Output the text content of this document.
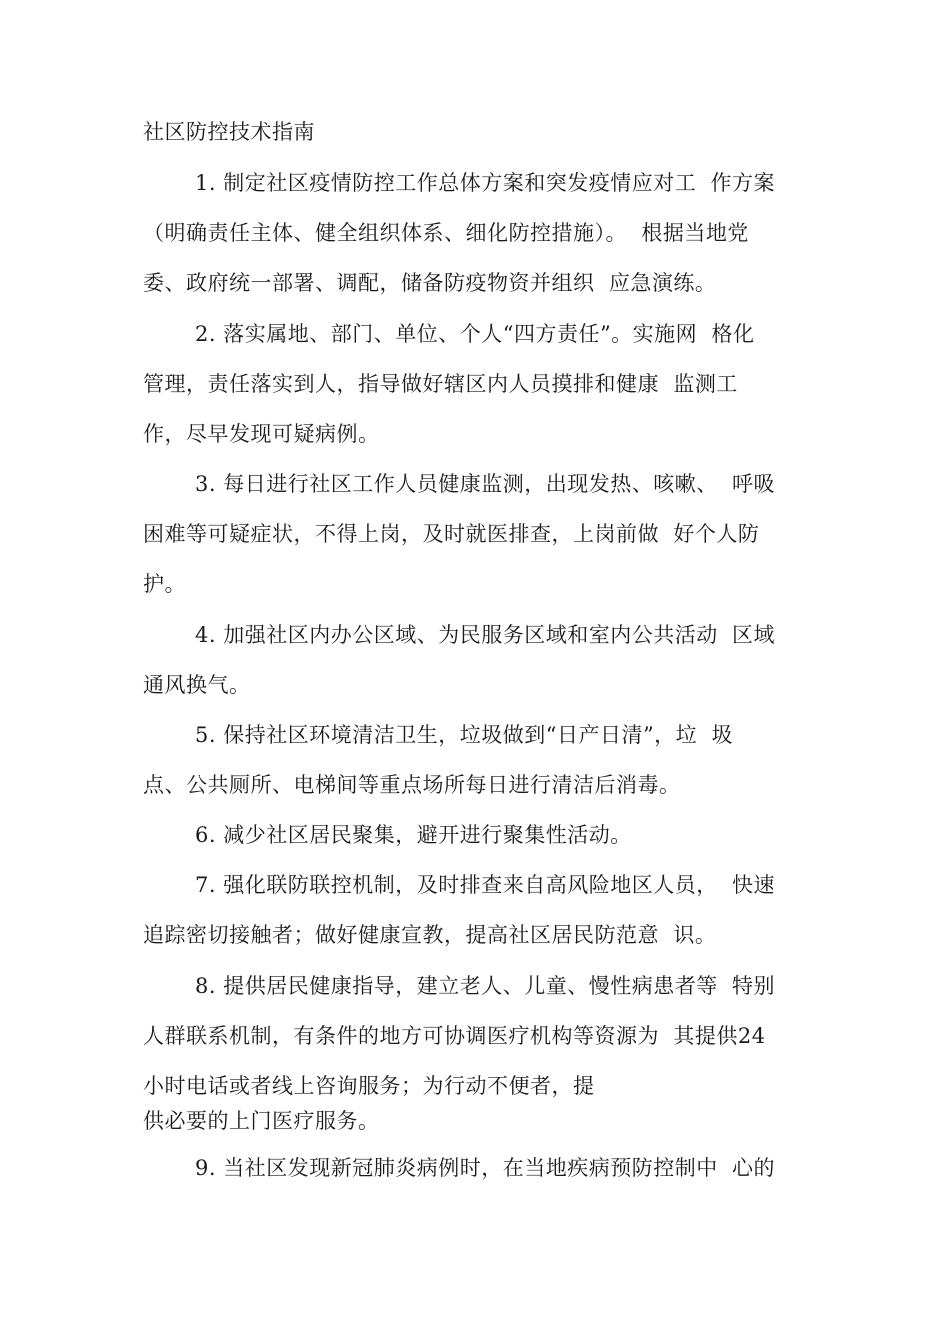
社区防控技术指南
1. 制定社区疫情防控工作总体方案和突发疫情应对工  作方案
（明确责任主体、健全组织体系、细化防控措施）。  根据当地党
委、政府统一部署、调配，储备防疫物资并组织  应急演练。
2. 落实属地、部门、单位、个人“四方责任”。实施网  格化
管理，责任落实到人，指导做好辖区内人员摸排和健康  监测工
作，尽早发现可疑病例。
3. 每日进行社区工作人员健康监测，出现发热、咳嗽、  呼吸
困难等可疑症状，不得上岗，及时就医排查，上岗前做  好个人防
护。
4. 加强社区内办公区域、为民服务区域和室内公共活动  区域
通风换气。
5. 保持社区环境清洁卫生，垃圾做到“日产日清”，垃  圾
点、公共厕所、电梯间等重点场所每日进行清洁后消毒。
6. 减少社区居民聚集，避开进行聚集性活动。
7. 强化联防联控机制，及时排查来自高风险地区人员，  快速
追踪密切接触者；做好健康宣教，提高社区居民防范意  识。
8. 提供居民健康指导，建立老人、儿童、慢性病患者等  特别
人群联系机制，有条件的地方可协调医疗机构等资源为  其提供24
小时电话或者线上咨询服务；为行动不便者，提
供必要的上门医疗服务。
9. 当社区发现新冠肺炎病例时，在当地疾病预防控制中  心的
